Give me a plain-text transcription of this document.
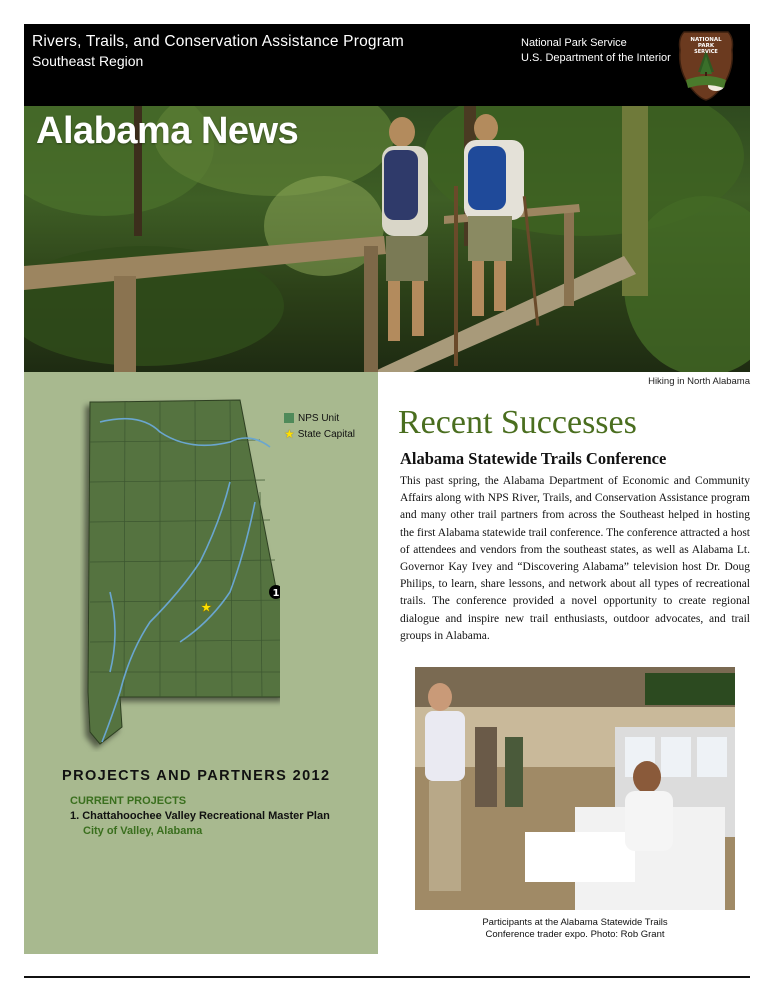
Rivers, Trails, and Conservation Assistance Program
Southeast Region
National Park Service
U.S. Department of the Interior
NATIONAL
PARK
SERVICE
Alabama News
Hiking in North Alabama
★
1
NPS Unit
★ State Capital
PROJECTS AND PARTNERS 2012
CURRENT PROJECTS
1. Chattahoochee Valley Recreational Master Plan
City of Valley, Alabama
Recent Successes
Alabama Statewide Trails Conference

This past spring, the Alabama Department of Economic and Community Affairs along with NPS River, Trails, and Conservation Assistance program and many other trail partners from across the Southeast helped in hosting the first Alabama statewide trail conference. The conference attracted a host of attendees and vendors from the southeast states, as well as Alabama Lt. Governor Kay Ivey and “Discovering Alabama” television host Dr. Doug Philips, to learn, share lessons, and network about all types of recreational trails. The conference provided a novel opportunity to create regional dialogue and inspire new trail enthusiasts, outdoor advocates, and trail groups in Alabama.

Participants at the Alabama Statewide Trails
Conference trader expo. Photo: Rob Grant
